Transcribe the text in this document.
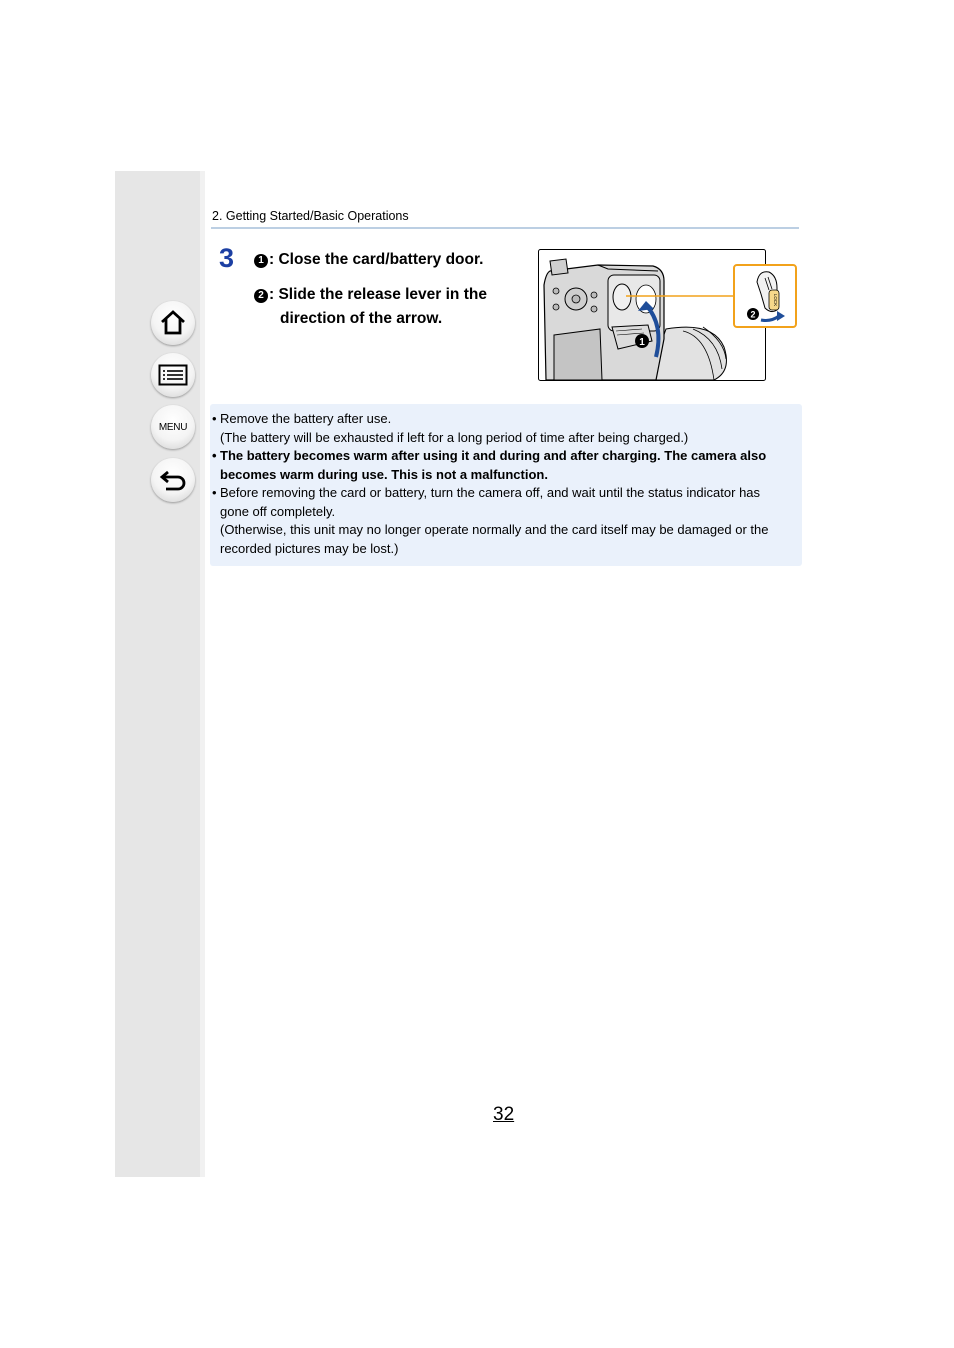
MENU
2. Getting Started/Basic Operations
3	1 : Close the card/battery door.
2 : Slide the release lever in the
direction of the arrow.
1
LOCK
2
• Remove the battery after use.
(The battery will be exhausted if left for a long period of time after being charged.)
• The battery becomes warm after using it and during and after charging. The camera also
becomes warm during use. This is not a malfunction.
• Before removing the card or battery, turn the camera off, and wait until the status indicator has
gone off completely.
(Otherwise, this unit may no longer operate normally and the card itself may be damaged or the
recorded pictures may be lost.)
32
